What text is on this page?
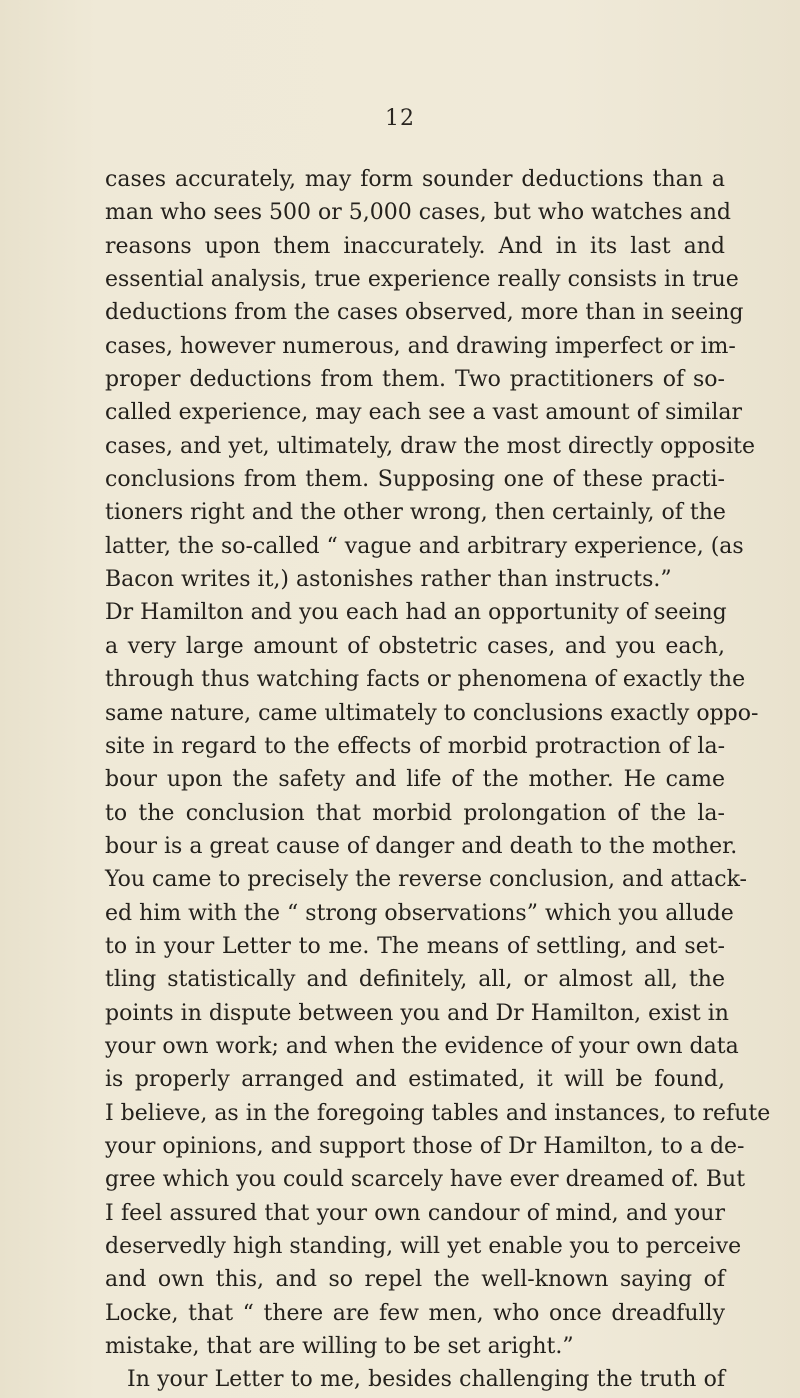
12
cases accurately, may form sounder deductions than a
man who sees 500 or 5,000 cases, but who watches and
reasons upon them inaccurately. And in its last and
essential analysis, true experience really consists in true
deductions from the cases observed, more than in seeing
cases, however numerous, and drawing imperfect or im-
proper deductions from them. Two practitioners of so-
called experience, may each see a vast amount of similar
cases, and yet, ultimately, draw the most directly opposite
conclusions from them. Supposing one of these practi-
tioners right and the other wrong, then certainly, of the
latter, the so-called “ vague and arbitrary experience, (as
Bacon writes it,) astonishes rather than instructs.”
Dr Hamilton and you each had an opportunity of seeing
a very large amount of obstetric cases, and you each,
through thus watching facts or phenomena of exactly the
same nature, came ultimately to conclusions exactly oppo-
site in regard to the effects of morbid protraction of la-
bour upon the safety and life of the mother. He came
to the conclusion that morbid prolongation of the la-
bour is a great cause of danger and death to the mother.
You came to precisely the reverse conclusion, and attack-
ed him with the “ strong observations” which you allude
to in your Letter to me. The means of settling, and set-
tling statistically and definitely, all, or almost all, the
points in dispute between you and Dr Hamilton, exist in
your own work; and when the evidence of your own data
is properly arranged and estimated, it will be found,
I believe, as in the foregoing tables and instances, to refute
your opinions, and support those of Dr Hamilton, to a de-
gree which you could scarcely have ever dreamed of. But
I feel assured that your own candour of mind, and your
deservedly high standing, will yet enable you to perceive
and own this, and so repel the well-known saying of
Locke, that “ there are few men, who once dreadfully
mistake, that are willing to be set aright.”
In your Letter to me, besides challenging the truth of
